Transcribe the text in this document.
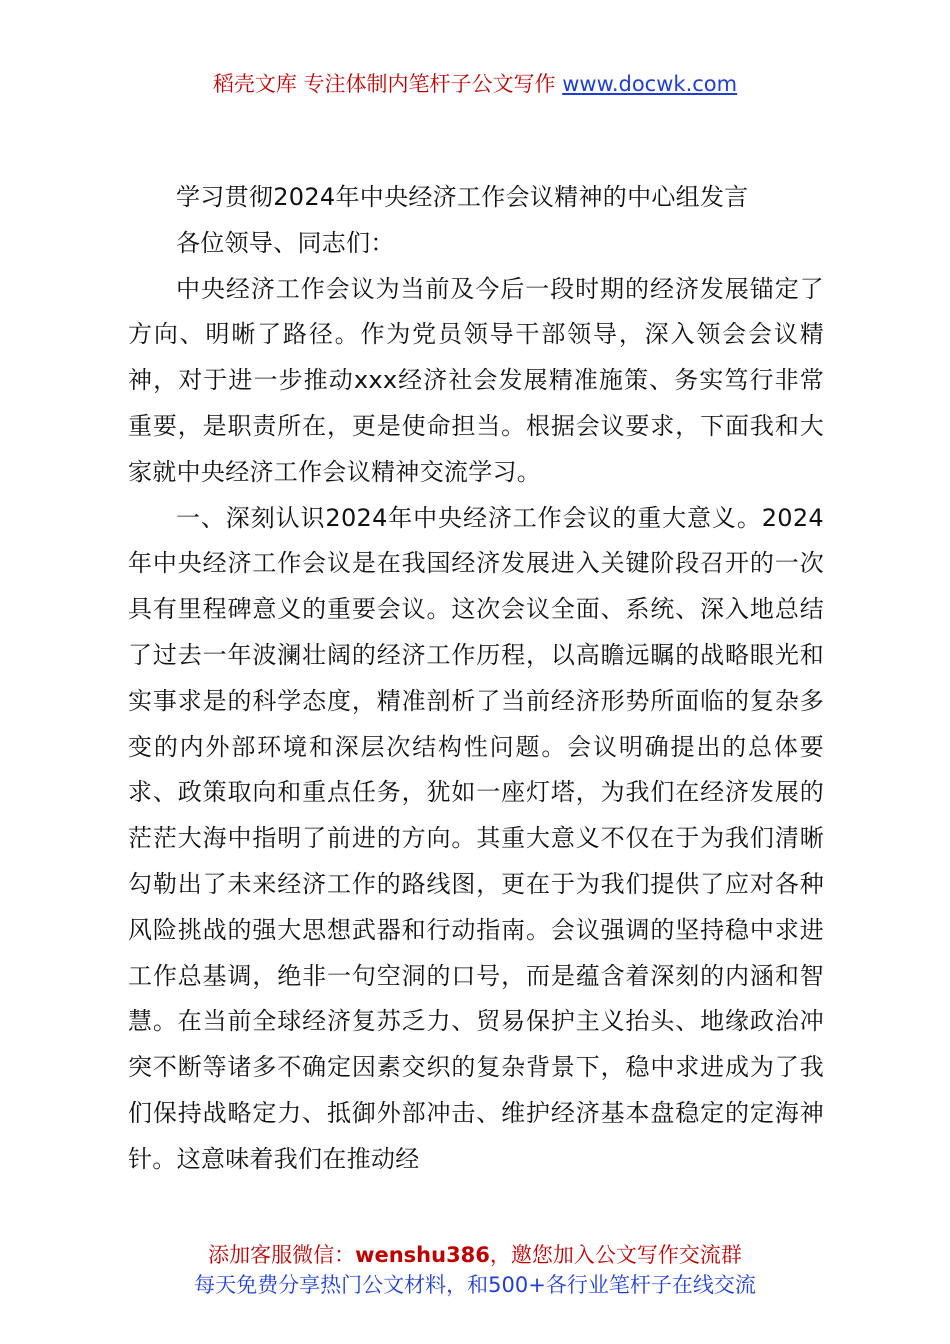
稻壳文库 专注体制内笔杆子公文写作 www.docwk.com

学习贯彻2024年中央经济工作会议精神的中心组发言

各位领导、同志们：

中央经济工作会议为当前及今后一段时期的经济发展锚定了方向、明晰了路径。作为党员领导干部领导，深入领会会议精神，对于进一步推动xxx经济社会发展精准施策、务实笃行非常重要，是职责所在，更是使命担当。根据会议要求，下面我和大家就中央经济工作会议精神交流学习。

一、深刻认识2024年中央经济工作会议的重大意义。2024年中央经济工作会议是在我国经济发展进入关键阶段召开的一次具有里程碑意义的重要会议。这次会议全面、系统、深入地总结了过去一年波澜壮阔的经济工作历程，以高瞻远瞩的战略眼光和实事求是的科学态度，精准剖析了当前经济形势所面临的复杂多变的内外部环境和深层次结构性问题。会议明确提出的总体要求、政策取向和重点任务，犹如一座灯塔，为我们在经济发展的茫茫大海中指明了前进的方向。其重大意义不仅在于为我们清晰勾勒出了未来经济工作的路线图，更在于为我们提供了应对各种风险挑战的强大思想武器和行动指南。会议强调的坚持稳中求进工作总基调，绝非一句空洞的口号，而是蕴含着深刻的内涵和智慧。在当前全球经济复苏乏力、贸易保护主义抬头、地缘政治冲突不断等诸多不确定因素交织的复杂背景下，稳中求进成为了我们保持战略定力、抵御外部冲击、维护经济基本盘稳定的定海神针。这意味着我们在推动经

添加客服微信：wenshu386，邀您加入公文写作交流群
每天免费分享热门公文材料，和500+各行业笔杆子在线交流
